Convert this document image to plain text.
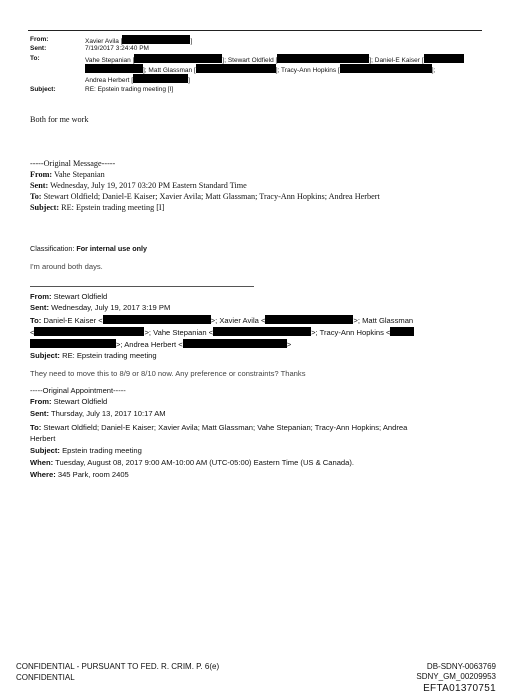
From:	Xavier Avila [	]
Sent:	7/19/2017 3:24:40 PM
To:	Vahe Stepanian [	]; Stewart Oldfield [	]; Daniel-E Kaiser [
]; Matt Glassman [	]; Tracy-Ann Hopkins [	];
Andrea Herbert [	]
Subject:	RE: Epstein trading meeting [I]
Both for me work
-----Original Message-----
From: Vahe Stepanian
Sent: Wednesday, July 19, 2017 03:20 PM Eastern Standard Time
To: Stewart Oldfield; Daniel-E Kaiser; Xavier Avila; Matt Glassman; Tracy-Ann Hopkins; Andrea Herbert
Subject: RE: Epstein trading meeting [I]
Classification: For internal use only
I'm around both days.
From: Stewart Oldfield
Sent: Wednesday, July 19, 2017 3:19 PM
To: Daniel-E Kaiser <	>; Xavier Avila <	>; Matt Glassman
<	>; Vahe Stepanian <	>; Tracy-Ann Hopkins <
>; Andrea Herbert <	>
Subject: RE: Epstein trading meeting
They need to move this to 8/9 or 8/10 now. Any preference or constraints? Thanks
-----Original Appointment-----
From: Stewart Oldfield
Sent: Thursday, July 13, 2017 10:17 AM
To: Stewart Oldfield; Daniel-E Kaiser; Xavier Avila; Matt Glassman; Vahe Stepanian; Tracy-Ann Hopkins; Andrea
Herbert
Subject: Epstein trading meeting
When: Tuesday, August 08, 2017 9:00 AM-10:00 AM (UTC-05:00) Eastern Time (US & Canada).
Where: 345 Park, room 2405
CONFIDENTIAL - PURSUANT TO FED. R. CRIM. P. 6(e)
CONFIDENTIAL
DB-SDNY-0063769
SDNY_GM_00209953
EFTA01370751
